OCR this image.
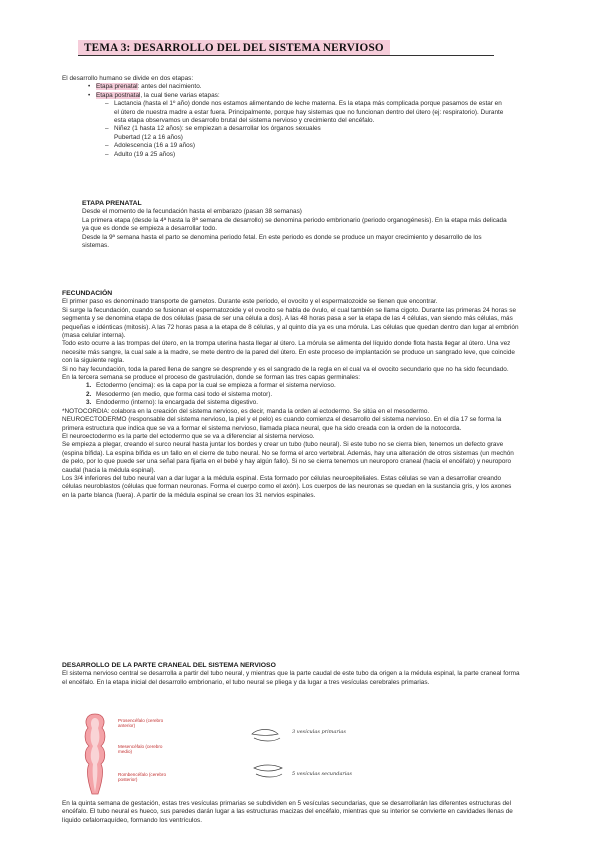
TEMA 3: DESARROLLO DEL DEL SISTEMA NERVIOSO

El desarrollo humano se divide en dos etapas:

• Etapa prenatal: antes del nacimiento.
• Etapa postnatal, la cual tiene varias etapas:
– Lactancia (hasta el 1º año) donde nos estamos alimentando de leche materna. Es la etapa más complicada porque pasamos de estar en el útero de nuestra madre a estar fuera. Principalmente, porque hay sistemas que no funcionan dentro del útero (ej: respiratorio). Durante esta etapa observamos un desarrollo brutal del sistema nervioso y crecimiento del encéfalo.
– Niñez (1 hasta 12 años): se empiezan a desarrollar los órganos sexuales
Pubertad (12 a 16 años)
– Adolescencia (16 a 19 años)
– Adulto (19 a 25 años)

ETAPA PRENATAL

Desde el momento de la fecundación hasta el embarazo (pasan 38 semanas)

La primera etapa (desde la 4ª hasta la 8ª semana de desarrollo) se denomina periodo embrionario (periodo organogénesis). En la etapa más delicada ya que es donde se empieza a desarrollar todo.

Desde la 9ª semana hasta el parto se denomina periodo fetal. En este periodo es donde se produce un mayor crecimiento y desarrollo de los sistemas.

FECUNDACIÓN

El primer paso es denominado transporte de gametos. Durante este periodo, el ovocito y el espermatozoide se tienen que encontrar.

Si surge la fecundación, cuando se fusionan el espermatozoide y el ovocito se habla de óvulo, el cual también se llama cigoto. Durante las primeras 24 horas se segmenta y se denomina etapa de dos células (pasa de ser una célula a dos). A las 48 horas pasa a ser la etapa de las 4 células, van siendo más células, más pequeñas e idénticas (mitosis). A las 72 horas pasa a la etapa de 8 células, y al quinto día ya es una mórula. Las células que quedan dentro dan lugar al embrión (masa celular interna).

Todo esto ocurre a las trompas del útero, en la trompa uterina hasta llegar al útero. La mórula se alimenta del líquido donde flota hasta llegar al útero. Una vez necesite más sangre, la cual sale a la madre, se mete dentro de la pared del útero. En este proceso de implantación se produce un sangrado leve, que coincide con la siguiente regla.

Si no hay fecundación, toda la pared llena de sangre se desprende y es el sangrado de la regla en el cual va el ovocito secundario que no ha sido fecundado.

En la tercera semana se produce el proceso de gastrulación, donde se forman las tres capas germinales:

1. Ectodermo (encima): es la capa por la cual se empieza a formar el sistema nervioso.
2. Mesodermo (en medio, que forma casi todo el sistema motor).
3. Endodermo (interno): la encargada del sistema digestivo.

*NOTOCORDIA: colabora en la creación del sistema nervioso, es decir, manda la orden al ectodermo. Se sitúa en el mesodermo.

NEUROECTODERMO (responsable del sistema nervioso, la piel y el pelo) es cuando comienza el desarrollo del sistema nervioso. En el día 17 se forma la primera estructura que indica que se va a formar el sistema nervioso, llamada placa neural, que ha sido creada con la orden de la notocorda.

El neuroectodermo es la parte del ectodermo que se va a diferenciar al sistema nervioso.

Se empieza a plegar, creando el surco neural hasta juntar los bordes y crear un tubo (tubo neural). Si este tubo no se cierra bien, tenemos un defecto grave (espina bífida). La espina bífida es un fallo en el cierre de tubo neural. No se forma el arco vertebral. Además, hay una alteración de otros sistemas (un mechón de pelo, por lo que puede ser una señal para fijarla en el bebé y hay algún fallo). Si no se cierra tenemos un neuroporo craneal (hacia el encéfalo) y neuroporo caudal (hacia la médula espinal).

Los 3/4 inferiores del tubo neural van a dar lugar a la médula espinal. Esta formado por células neuroepiteliales. Estas células se van a desarrollar creando células neuroblastos (células que forman neuronas. Forma el cuerpo como el axón). Los cuerpos de las neuronas se quedan en la sustancia gris, y los axones en la parte blanca (fuera). A partir de la médula espinal se crean los 31 nervios espinales.

DESARROLLO DE LA PARTE CRANEAL DEL SISTEMA NERVIOSO

El sistema nervioso central se desarrolla a partir del tubo neural, y mientras que la parte caudal de este tubo da origen a la médula espinal, la parte craneal forma el encéfalo. En la etapa inicial del desarrollo embrionario, el tubo neural se pliega y da lugar a tres vesículas cerebrales primarias.

Prosencéfalo (cerebro anterior)
Mesencéfalo (cerebro medio)
Rombencéfalo (cerebro posterior)
3 vesículas primarias
5 vesículas secundarias

En la quinta semana de gestación, estas tres vesículas primarias se subdividen en 5 vesículas secundarias, que se desarrollarán las diferentes estructuras del encéfalo. El tubo neural es hueco, sus paredes darán lugar a las estructuras macizas del encéfalo, mientras que su interior se convierte en cavidades llenas de líquido cefalorraquídeo, formando los ventrículos.
